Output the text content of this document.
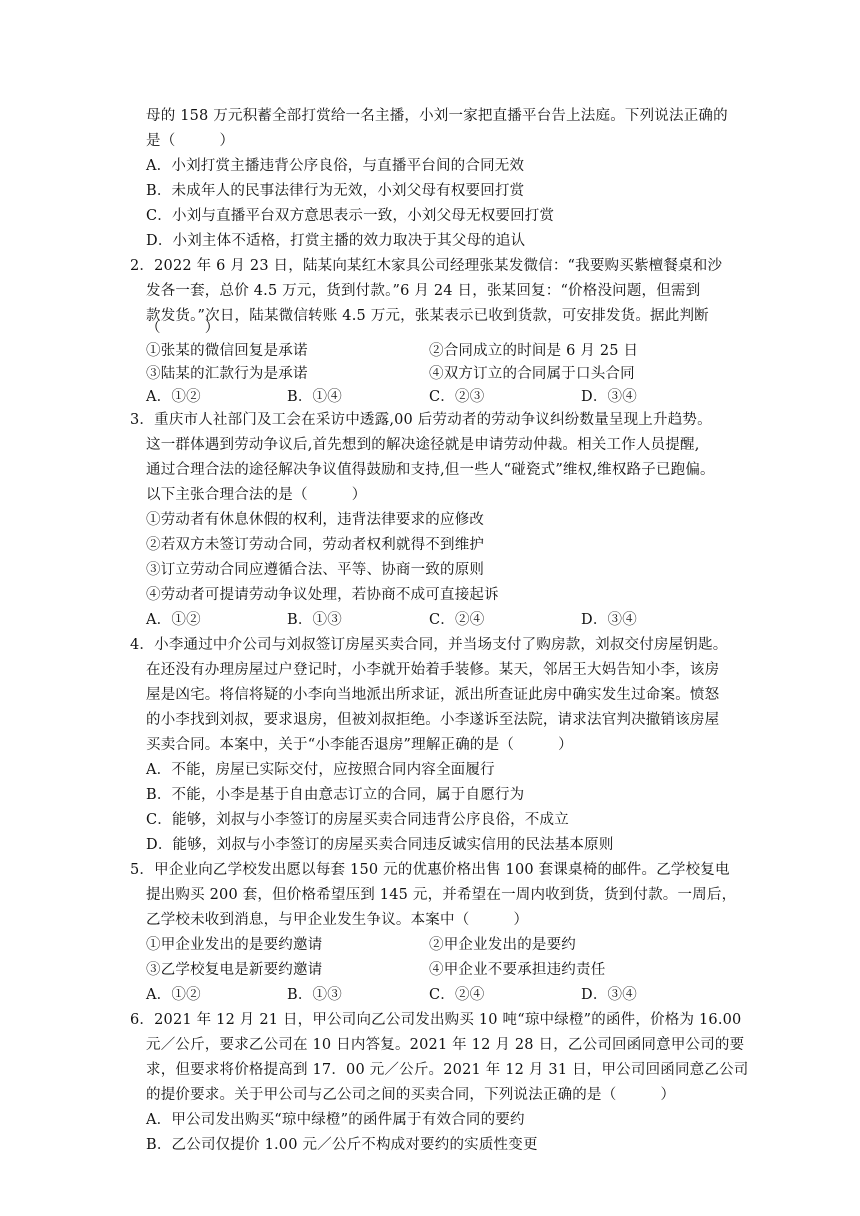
母的 158 万元积蓄全部打赏给一名主播，小刘一家把直播平台告上法庭。下列说法正确的
是（　　　）
A．小刘打赏主播违背公序良俗，与直播平台间的合同无效
B．未成年人的民事法律行为无效，小刘父母有权要回打赏
C．小刘与直播平台双方意思表示一致，小刘父母无权要回打赏
D．小刘主体不适格，打赏主播的效力取决于其父母的追认
2．2022 年 6 月 23 日，陆某向某红木家具公司经理张某发微信：“我要购买紫檀餐桌和沙
发各一套，总价 4.5 万元，货到付款。”6 月 24 日，张某回复：“价格没问题，但需到
款发货。”次日，陆某微信转账 4.5 万元，张某表示已收到货款，可安排发货。据此判断
（　　　）
①张某的微信回复是承诺	②合同成立的时间是 6 月 25 日
③陆某的汇款行为是承诺	④双方订立的合同属于口头合同
A．①②	B．①④	C．②③	D．③④
3．重庆市人社部门及工会在采访中透露,00 后劳动者的劳动争议纠纷数量呈现上升趋势。
这一群体遇到劳动争议后,首先想到的解决途径就是申请劳动仲裁。相关工作人员提醒,
通过合理合法的途径解决争议值得鼓励和支持,但一些人“碰瓷式”维权,维权路子已跑偏。
以下主张合理合法的是（　　　）
①劳动者有休息休假的权利，违背法律要求的应修改
②若双方未签订劳动合同，劳动者权利就得不到维护
③订立劳动合同应遵循合法、平等、协商一致的原则
④劳动者可提请劳动争议处理，若协商不成可直接起诉
A．①②	B．①③	C．②④	D．③④
4．小李通过中介公司与刘叔签订房屋买卖合同，并当场支付了购房款，刘叔交付房屋钥匙。
在还没有办理房屋过户登记时，小李就开始着手装修。某天，邻居王大妈告知小李，该房
屋是凶宅。将信将疑的小李向当地派出所求证，派出所查证此房中确实发生过命案。愤怒
的小李找到刘叔，要求退房，但被刘叔拒绝。小李遂诉至法院，请求法官判决撤销该房屋
买卖合同。本案中，关于“小李能否退房”理解正确的是（　　　）
A．不能，房屋已实际交付，应按照合同内容全面履行
B．不能，小李是基于自由意志订立的合同，属于自愿行为
C．能够，刘叔与小李签订的房屋买卖合同违背公序良俗，不成立
D．能够，刘叔与小李签订的房屋买卖合同违反诚实信用的民法基本原则
5．甲企业向乙学校发出愿以每套 150 元的优惠价格出售 100 套课桌椅的邮件。乙学校复电
提出购买 200 套，但价格希望压到 145 元，并希望在一周内收到货，货到付款。一周后，
乙学校未收到消息，与甲企业发生争议。本案中（　　　）
①甲企业发出的是要约邀请	②甲企业发出的是要约
③乙学校复电是新要约邀请	④甲企业不要承担违约责任
A．①②	B．①③	C．②④	D．③④
6．2021 年 12 月 21 日，甲公司向乙公司发出购买 10 吨“琼中绿橙”的函件，价格为 16.00
元／公斤，要求乙公司在 10 日内答复。2021 年 12 月 28 日，乙公司回函同意甲公司的要
求，但要求将价格提高到 17．00 元／公斤。2021 年 12 月 31 日，甲公司回函同意乙公司
的提价要求。关于甲公司与乙公司之间的买卖合同，下列说法正确的是（　　　）
A．甲公司发出购买“琼中绿橙”的函件属于有效合同的要约
B．乙公司仅提价 1.00 元／公斤不构成对要约的实质性变更
